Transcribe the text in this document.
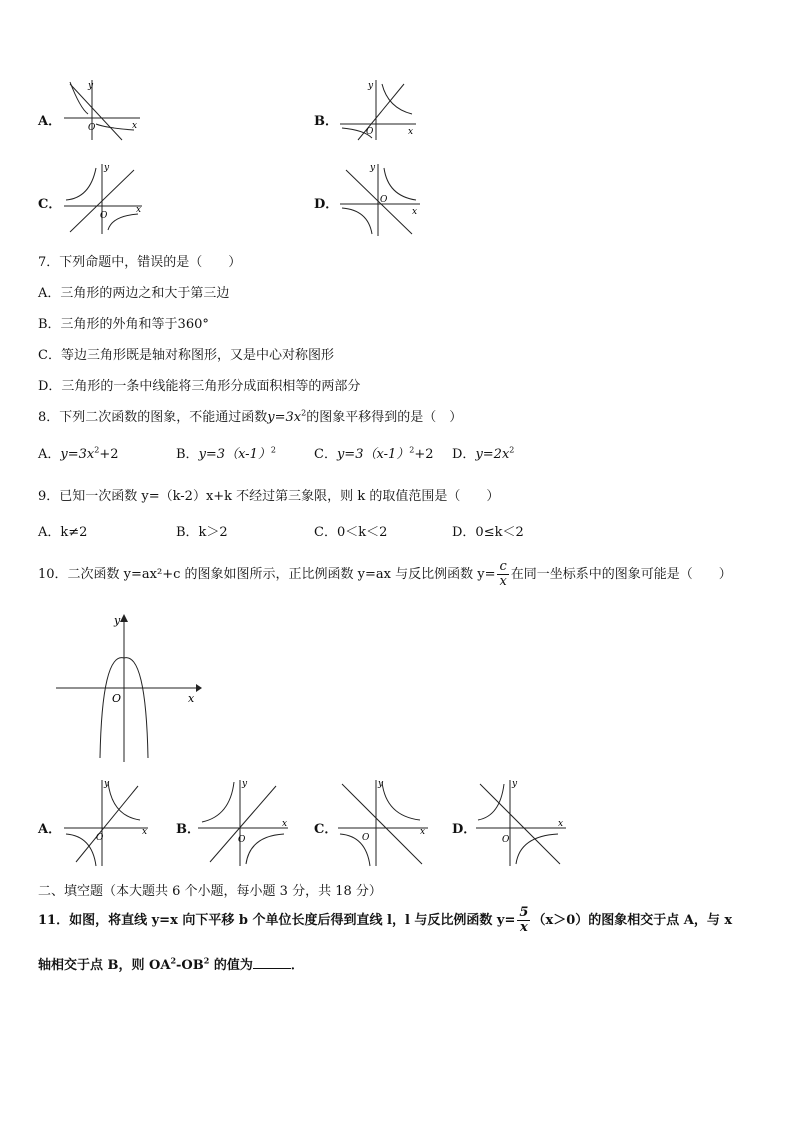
A．
y
O	x	B．
y
O	x
C．
y
O
x	D．
y
O
x
7．下列命题中，错误的是（　　）
A．三角形的两边之和大于第三边
B．三角形的外角和等于360°
C．等边三角形既是轴对称图形，又是中心对称图形
D．三角形的一条中线能将三角形分成面积相等的两部分
8．下列二次函数的图象，不能通过函数$y=3x^2$的图象平移得到的是（　）
A．$y=3x^2+2$	B．$y=3(x-1)^2$	C．$y=3(x-1)^2+2$ D．$y=2x^2$
9．已知一次函数 y=（k-2）x+k 不经过第三象限，则 k 的取值范围是（　　）
A．k≠2	B．k＞2	C．0＜k＜2	D．0≤k＜2
10．二次函数 y=ax²+c 的图象如图所示，正比例函数 y=ax 与反比例函数 $y= \frac{c}{x}$ 在同一坐标系中的图象可能是（　　）
y
O	x
A．
y
O
x B．
y
O
x C．
y
O
x D．
y
O
x
二、填空题（本大题共 6 个小题，每小题 3 分，共 18 分）
11．如图，将直线 y=x 向下平移 b 个单位长度后得到直线 l，l 与反比例函数 $y= \frac{5}{x} (x>0)$的图象相交于点 A，与 x
轴相交于点 B，则 $OA^2-OB^2$ 的值为	．
